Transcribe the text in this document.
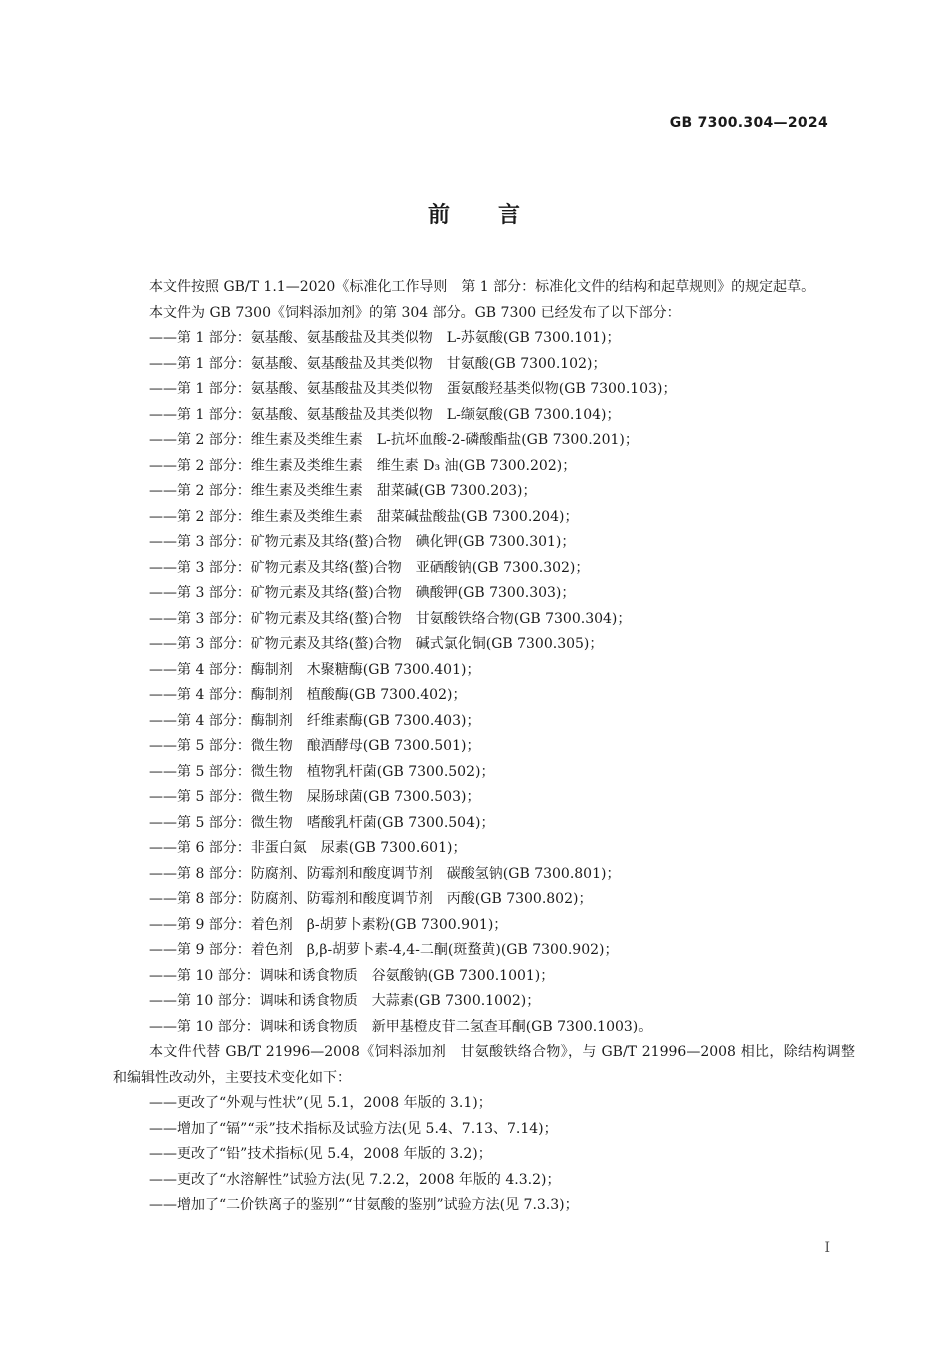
GB 7300.304—2024
前 言
本文件按照 GB/T 1.1—2020《标准化工作导则　第 1 部分：标准化文件的结构和起草规则》的规定起草。
本文件为 GB 7300《饲料添加剂》的第 304 部分。GB 7300 已经发布了以下部分：
——第 1 部分：氨基酸、氨基酸盐及其类似物　L-苏氨酸(GB 7300.101)；
——第 1 部分：氨基酸、氨基酸盐及其类似物　甘氨酸(GB 7300.102)；
——第 1 部分：氨基酸、氨基酸盐及其类似物　蛋氨酸羟基类似物(GB 7300.103)；
——第 1 部分：氨基酸、氨基酸盐及其类似物　L-缬氨酸(GB 7300.104)；
——第 2 部分：维生素及类维生素　L-抗坏血酸-2-磷酸酯盐(GB 7300.201)；
——第 2 部分：维生素及类维生素　维生素 D₃ 油(GB 7300.202)；
——第 2 部分：维生素及类维生素　甜菜碱(GB 7300.203)；
——第 2 部分：维生素及类维生素　甜菜碱盐酸盐(GB 7300.204)；
——第 3 部分：矿物元素及其络(螯)合物　碘化钾(GB 7300.301)；
——第 3 部分：矿物元素及其络(螯)合物　亚硒酸钠(GB 7300.302)；
——第 3 部分：矿物元素及其络(螯)合物　碘酸钾(GB 7300.303)；
——第 3 部分：矿物元素及其络(螯)合物　甘氨酸铁络合物(GB 7300.304)；
——第 3 部分：矿物元素及其络(螯)合物　碱式氯化铜(GB 7300.305)；
——第 4 部分：酶制剂　木聚糖酶(GB 7300.401)；
——第 4 部分：酶制剂　植酸酶(GB 7300.402)；
——第 4 部分：酶制剂　纤维素酶(GB 7300.403)；
——第 5 部分：微生物　酿酒酵母(GB 7300.501)；
——第 5 部分：微生物　植物乳杆菌(GB 7300.502)；
——第 5 部分：微生物　屎肠球菌(GB 7300.503)；
——第 5 部分：微生物　嗜酸乳杆菌(GB 7300.504)；
——第 6 部分：非蛋白氮　尿素(GB 7300.601)；
——第 8 部分：防腐剂、防霉剂和酸度调节剂　碳酸氢钠(GB 7300.801)；
——第 8 部分：防腐剂、防霉剂和酸度调节剂　丙酸(GB 7300.802)；
——第 9 部分：着色剂　β-胡萝卜素粉(GB 7300.901)；
——第 9 部分：着色剂　β,β-胡萝卜素-4,4-二酮(斑蝥黄)(GB 7300.902)；
——第 10 部分：调味和诱食物质　谷氨酸钠(GB 7300.1001)；
——第 10 部分：调味和诱食物质　大蒜素(GB 7300.1002)；
——第 10 部分：调味和诱食物质　新甲基橙皮苷二氢查耳酮(GB 7300.1003)。
本文件代替 GB/T 21996—2008《饲料添加剂　甘氨酸铁络合物》，与 GB/T 21996—2008 相比，除结构调整和编辑性改动外，主要技术变化如下：
——更改了“外观与性状”(见 5.1，2008 年版的 3.1)；
——增加了“镉”“汞”技术指标及试验方法(见 5.4、7.13、7.14)；
——更改了“铅”技术指标(见 5.4，2008 年版的 3.2)；
——更改了“水溶解性”试验方法(见 7.2.2，2008 年版的 4.3.2)；
——增加了“二价铁离子的鉴别”“甘氨酸的鉴别”试验方法(见 7.3.3)；
I
